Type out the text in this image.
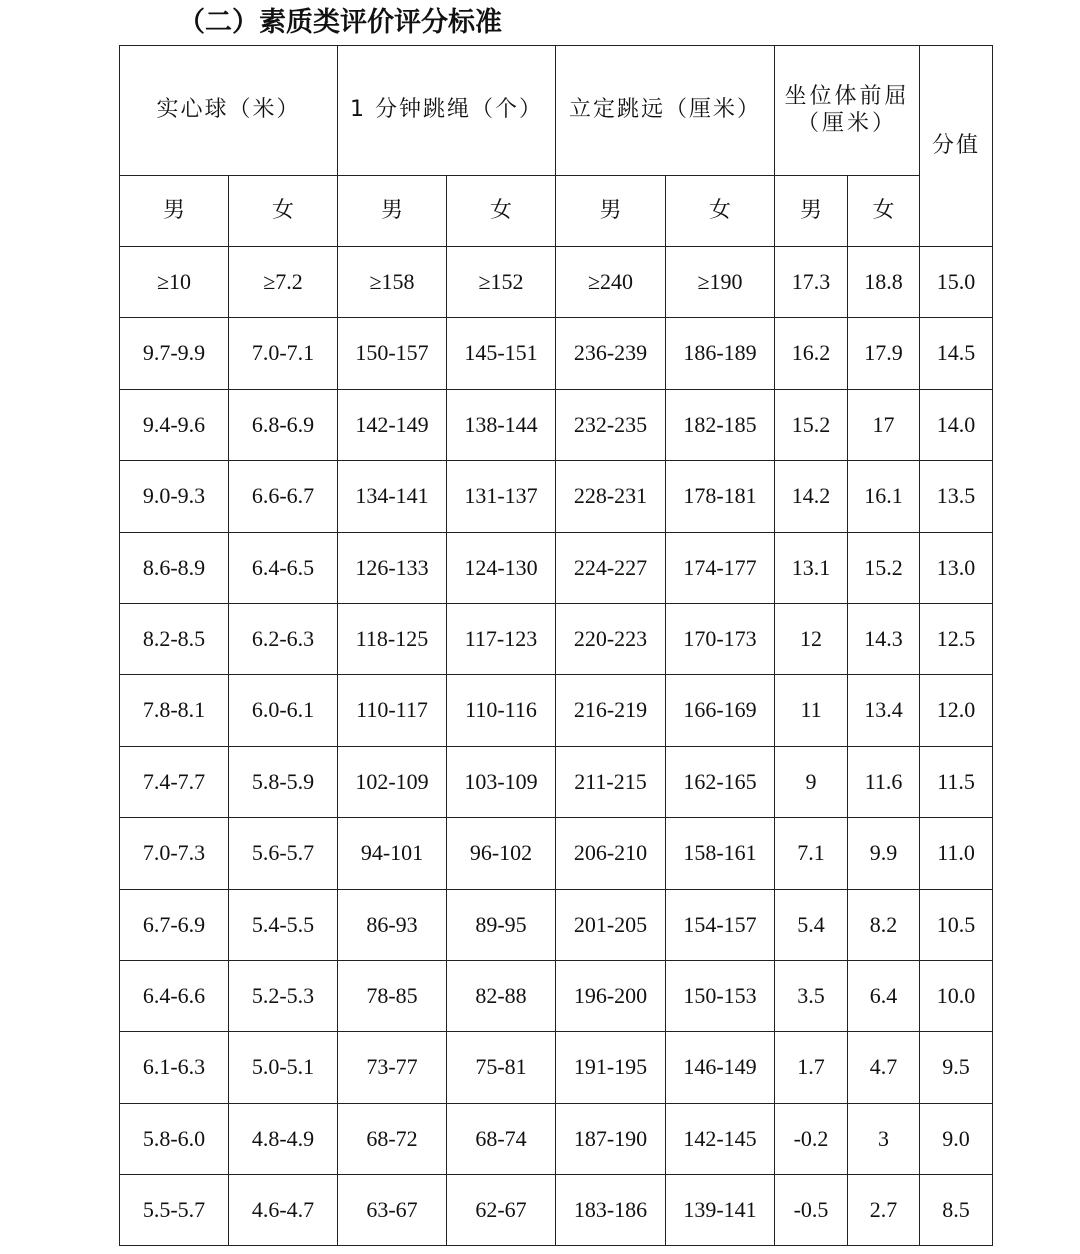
（二）素质类评价评分标准
实心球（米）		1 分钟跳绳（个）		立定跳远（厘米）		坐位体前屈（厘米）		分值
男	女	男	女	男	女	男	女	
≥10	≥7.2	≥158	≥152	≥240	≥190	17.3	18.8	15.0
9.7-9.9	7.0-7.1	150-157	145-151	236-239	186-189	16.2	17.9	14.5
9.4-9.6	6.8-6.9	142-149	138-144	232-235	182-185	15.2	17	14.0
9.0-9.3	6.6-6.7	134-141	131-137	228-231	178-181	14.2	16.1	13.5
8.6-8.9	6.4-6.5	126-133	124-130	224-227	174-177	13.1	15.2	13.0
8.2-8.5	6.2-6.3	118-125	117-123	220-223	170-173	12	14.3	12.5
7.8-8.1	6.0-6.1	110-117	110-116	216-219	166-169	11	13.4	12.0
7.4-7.7	5.8-5.9	102-109	103-109	211-215	162-165	9	11.6	11.5
7.0-7.3	5.6-5.7	94-101	96-102	206-210	158-161	7.1	9.9	11.0
6.7-6.9	5.4-5.5	86-93	89-95	201-205	154-157	5.4	8.2	10.5
6.4-6.6	5.2-5.3	78-85	82-88	196-200	150-153	3.5	6.4	10.0
6.1-6.3	5.0-5.1	73-77	75-81	191-195	146-149	1.7	4.7	9.5
5.8-6.0	4.8-4.9	68-72	68-74	187-190	142-145	-0.2	3	9.0
5.5-5.7	4.6-4.7	63-67	62-67	183-186	139-141	-0.5	2.7	8.5
